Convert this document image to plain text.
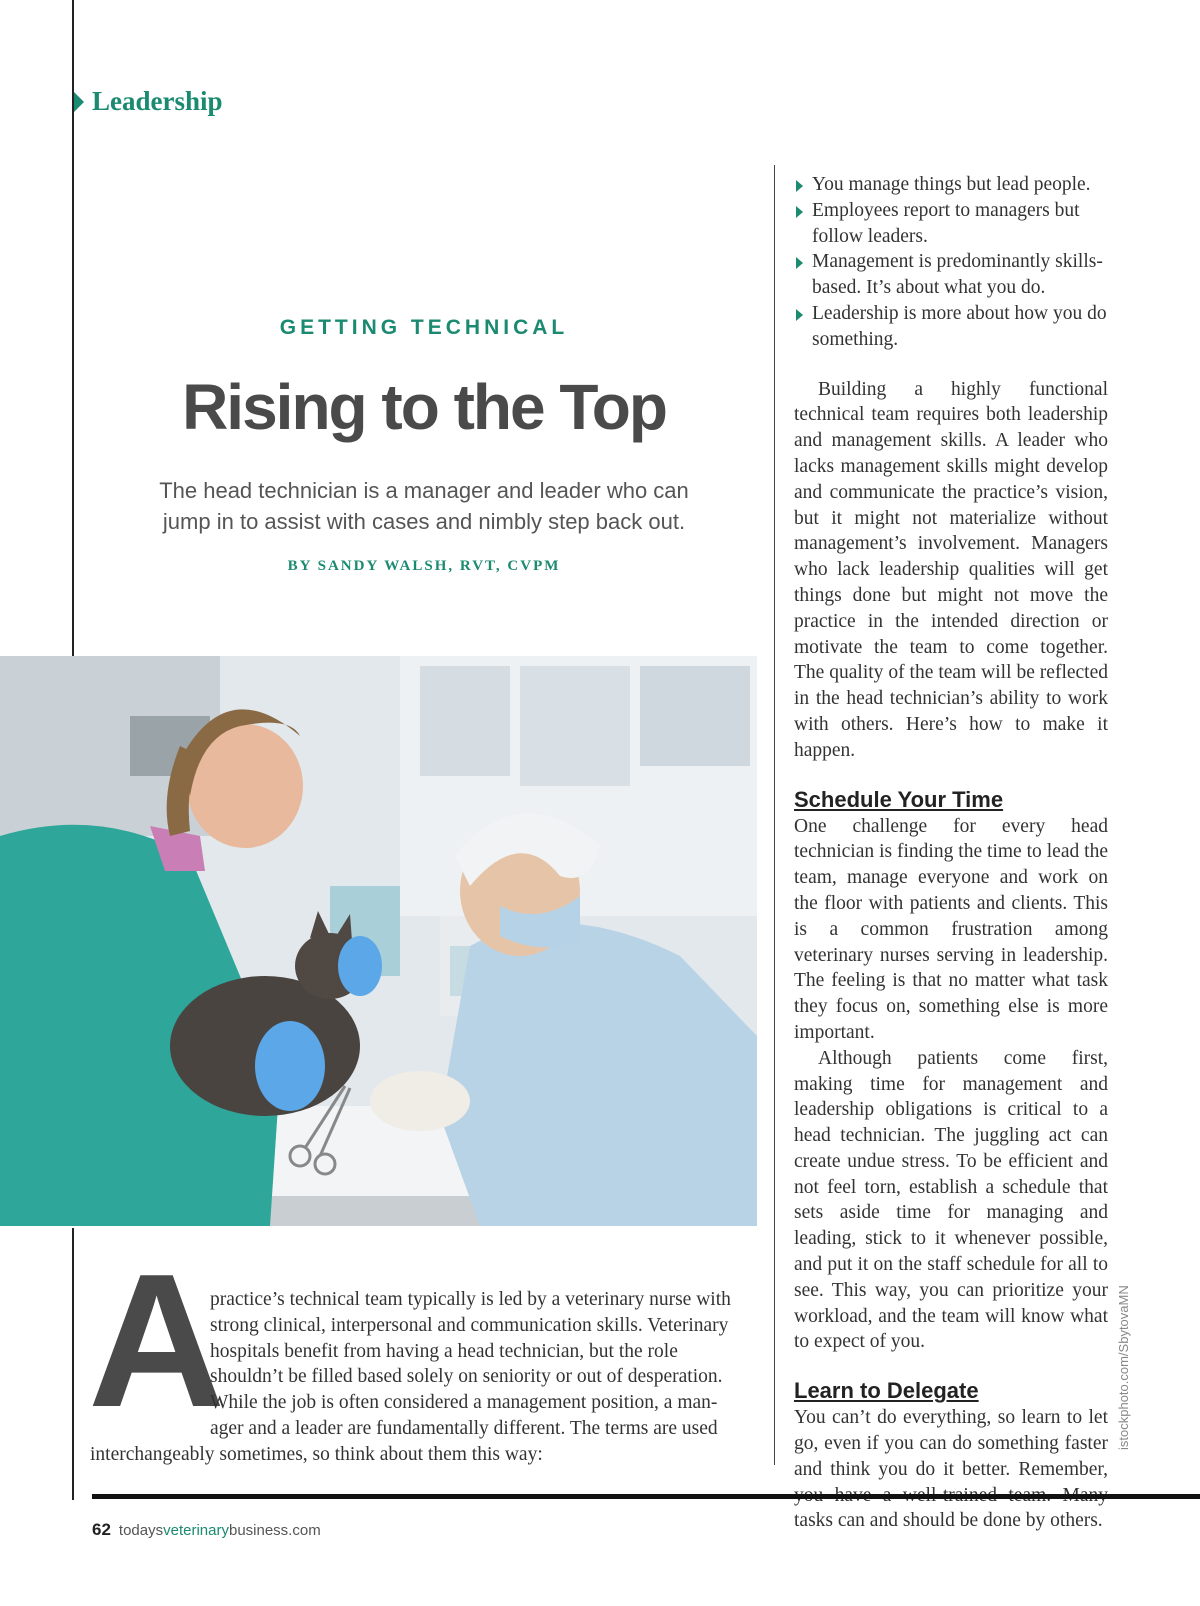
Leadership
GETTING TECHNICAL
Rising to the Top
The head technician is a manager and leader who can jump in to assist with cases and nimbly step back out.
BY SANDY WALSH, RVT, CVPM
A
practice’s technical team typically is led by a veterinary nurse with
strong clinical, interpersonal and communication skills. Veterinary
hospitals benefit from having a head technician, but the role
shouldn’t be filled based solely on seniority or out of desperation.
While the job is often considered a management position, a man-
ager and a leader are fundamentally different. The terms are used
interchangeably sometimes, so think about them this way:
You manage things but lead people.
Employees report to managers but follow leaders.
Management is predominantly skills-based. It’s about what you do.
Leadership is more about how you do something.

Building a highly functional technical team requires both leadership and management skills. A leader who lacks management skills might develop and communicate the practice’s vision, but it might not materialize without management’s involvement. Managers who lack leadership qualities will get things done but might not move the practice in the intended direction or motivate the team to come together. The quality of the team will be reflected in the head technician’s ability to work with others. Here’s how to make it happen.

Schedule Your Time

One challenge for every head technician is finding the time to lead the team, manage everyone and work on the floor with patients and clients. This is a common frustration among veterinary nurses serving in leadership. The feeling is that no matter what task they focus on, something else is more important.

Although patients come first, making time for management and leadership obligations is critical to a head technician. The juggling act can create undue stress. To be efficient and not feel torn, establish a schedule that sets aside time for managing and leading, stick to it whenever possible, and put it on the staff schedule for all to see. This way, you can prioritize your workload, and the team will know what to expect of you.

Learn to Delegate

You can’t do everything, so learn to let go, even if you can do something faster and think you do it better. Remember, tasks can and should be done by others.

istockphoto.com/SbytovaMN
62 todaysveterinarybusiness.com
